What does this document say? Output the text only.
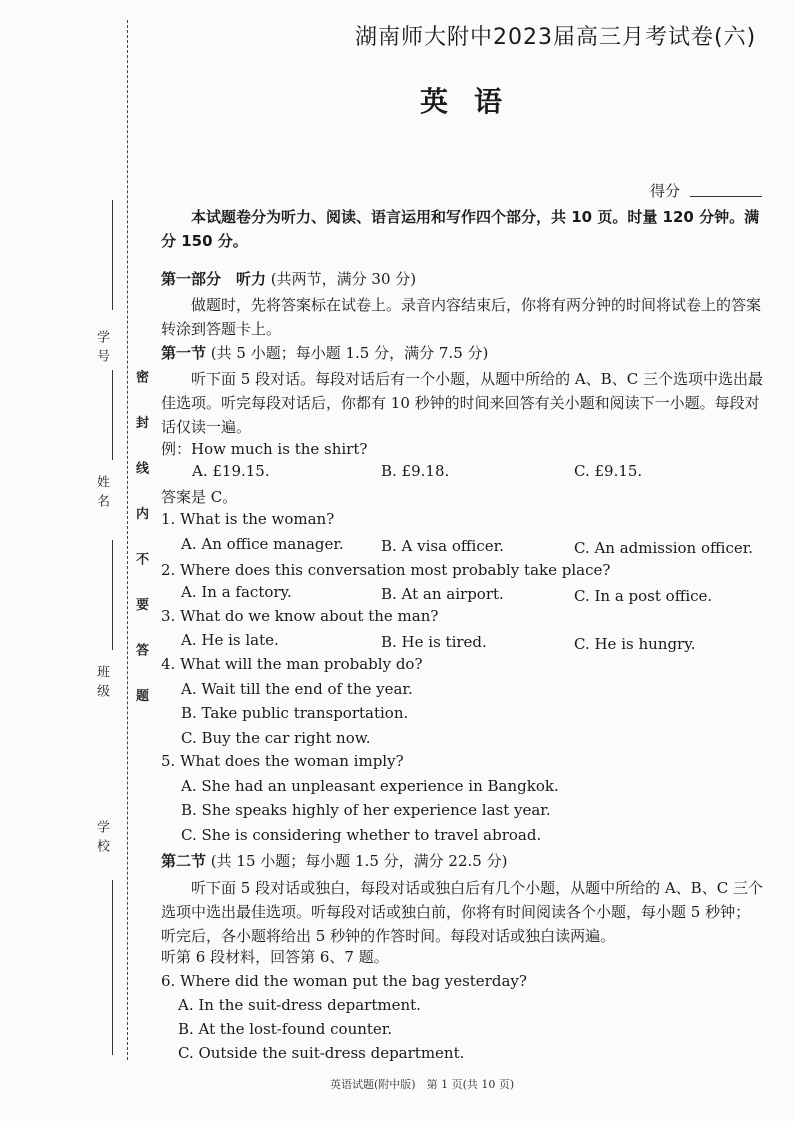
学号
姓名
班级
学校
密 封 线 内 不 要 答 题
湖南师大附中2023届高三月考试卷(六)
英语
得分
本试题卷分为听力、阅读、语言运用和写作四个部分，共 10 页。时量 120 分钟。满分 150 分。
第一部分　听力 (共两节，满分 30 分)
做题时，先将答案标在试卷上。录音内容结束后，你将有两分钟的时间将试卷上的答案转涂到答题卡上。
第一节 (共 5 小题；每小题 1.5 分，满分 7.5 分)
听下面 5 段对话。每段对话后有一个小题，从题中所给的 A、B、C 三个选项中选出最佳选项。听完每段对话后，你都有 10 秒钟的时间来回答有关小题和阅读下一小题。每段对话仅读一遍。
例：How much is the shirt?
A. £19.15.	B. £9.18.	C. £9.15.
答案是 C。
1. What is the woman?
A. An office manager. B. A visa officer.	C. An admission officer.
2. Where does this conversation most probably take place?
A. In a factory.	B. At an airport.	C. In a post office.
3. What do we know about the man?
A. He is late.	B. He is tired.	C. He is hungry.
4. What will the man probably do?
A. Wait till the end of the year.
B. Take public transportation.
C. Buy the car right now.
5. What does the woman imply?
A. She had an unpleasant experience in Bangkok.
B. She speaks highly of her experience last year.
C. She is considering whether to travel abroad.
第二节 (共 15 小题；每小题 1.5 分，满分 22.5 分)
听下面 5 段对话或独白，每段对话或独白后有几个小题，从题中所给的 A、B、C 三个选项中选出最佳选项。听每段对话或独白前，你将有时间阅读各个小题，每小题 5 秒钟；听完后，各小题将给出 5 秒钟的作答时间。每段对话或独白读两遍。
听第 6 段材料，回答第 6、7 题。
6. Where did the woman put the bag yesterday?
A. In the suit-dress department.
B. At the lost-found counter.
C. Outside the suit-dress department.
英语试题(附中版)　第 1 页(共 10 页)
